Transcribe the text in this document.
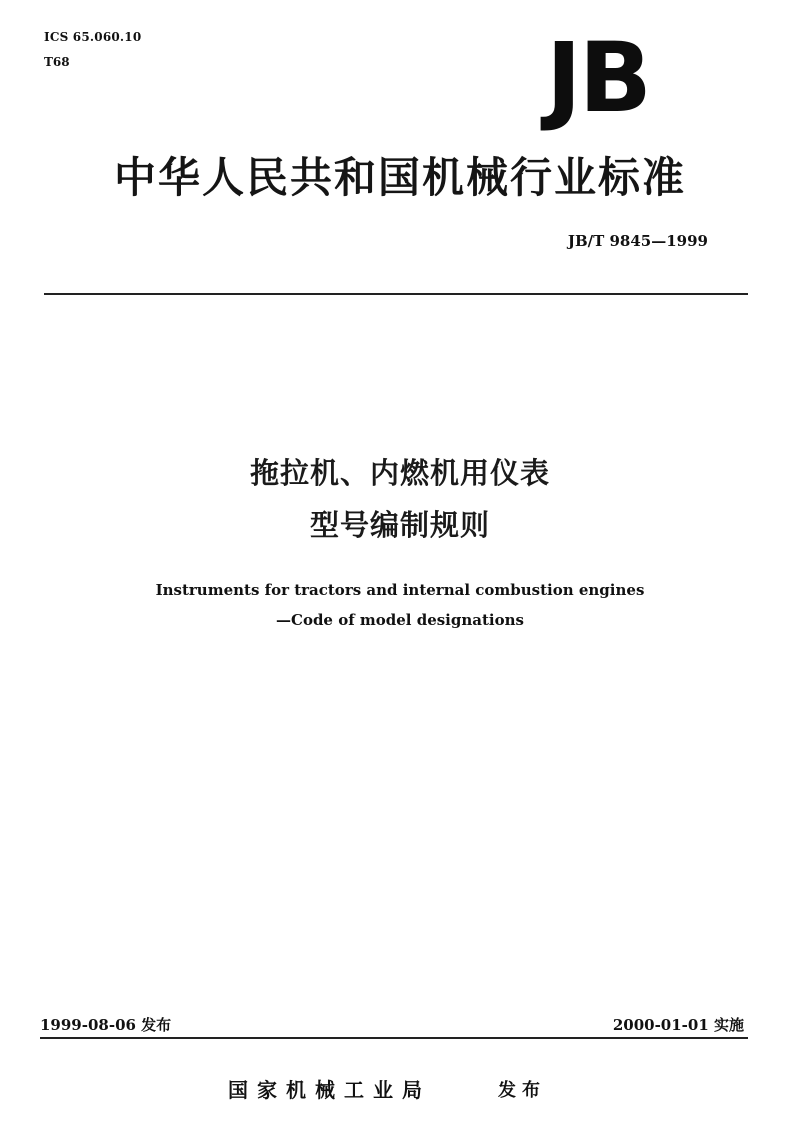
ICS 65.060.10
T68	JB
中华人民共和国机械行业标准
JB/T 9845—1999
拖拉机、内燃机用仪表
型号编制规则
Instruments for tractors and internal combustion engines
—Code of model designations
1999-08-06 发布	2000-01-01 实施
国家机械工业局	发布
